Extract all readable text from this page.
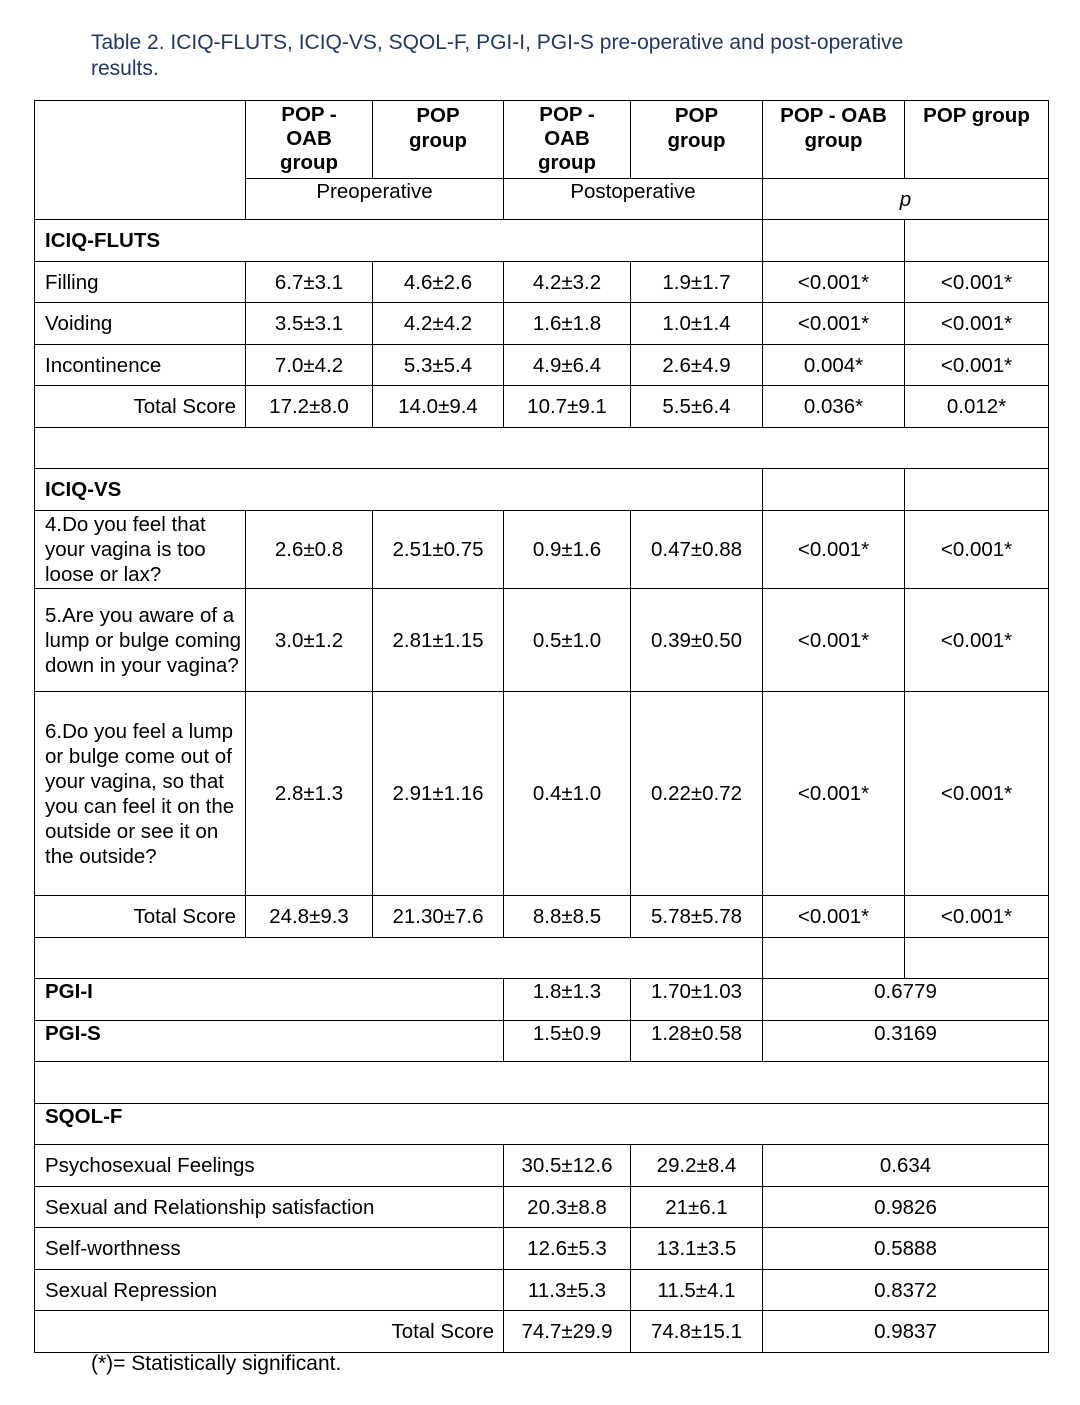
Table 2. ICIQ-FLUTS, ICIQ-VS, SQOL-F, PGI-I, PGI-S pre-operative and post-operative results.
	POP -
OAB
group	POP
group	POP -
OAB
group	POP
group	POP - OAB
group	POP group
	Preoperative		Postoperative		p	
ICIQ-FLUTS						
Filling	6.7±3.1	4.6±2.6	4.2±3.2	1.9±1.7	<0.001*	<0.001*
Voiding	3.5±3.1	4.2±4.2	1.6±1.8	1.0±1.4	<0.001*	<0.001*
Incontinence	7.0±4.2	5.3±5.4	4.9±6.4	2.6±4.9	0.004*	<0.001*
Total Score	17.2±8.0	14.0±9.4	10.7±9.1	5.5±6.4	0.036*	0.012*

ICIQ-VS						
4.Do you feel that your vagina is too loose or lax?	2.6±0.8	2.51±0.75	0.9±1.6	0.47±0.88	<0.001*	<0.001*
5.Are you aware of a lump or bulge coming down in your vagina?	3.0±1.2	2.81±1.15	0.5±1.0	0.39±0.50	<0.001*	<0.001*
6.Do you feel a lump or bulge come out of your vagina, so that you can feel it on the outside or see it on the outside?	2.8±1.3	2.91±1.16	0.4±1.0	0.22±0.72	<0.001*	<0.001*
Total Score	24.8±9.3	21.30±7.6	8.8±8.5	5.78±5.78	<0.001*	<0.001*

PGI-I			1.8±1.3	1.70±1.03	0.6779	
PGI-S			1.5±0.9	1.28±0.58	0.3169	

SQOL-F						
Psychosexual Feelings			30.5±12.6	29.2±8.4	0.634	
Sexual and Relationship satisfaction			20.3±8.8	21±6.1	0.9826	
Self-worthness			12.6±5.3	13.1±3.5	0.5888	
Sexual Repression			11.3±5.3	11.5±4.1	0.8372	
Total Score			74.7±29.9	74.8±15.1	0.9837	
(*)= Statistically significant.
